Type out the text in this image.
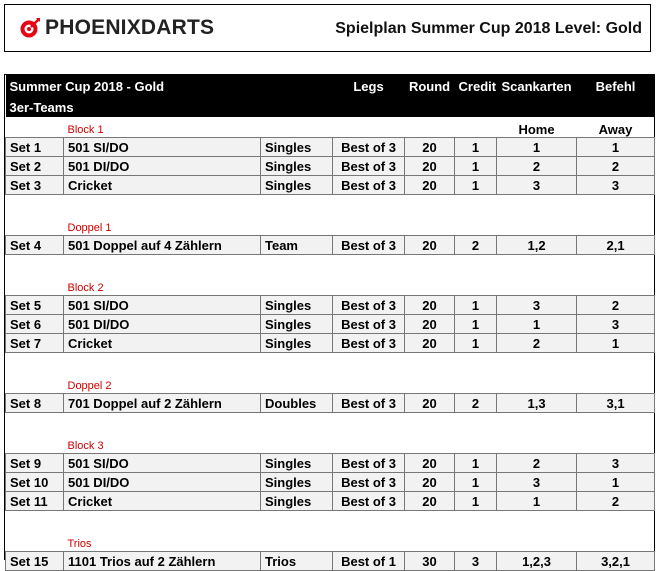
PHOENIXDARTS	Spielplan Summer Cup 2018 Level: Gold
Summer Cup 2018 - Gold			Legs	Round	Credit	Scankarten	Befehl
3er-Teams							
	Block 1					Home	Away
Set 1	501 SI/DO	Singles	Best of 3	20	1	1	1
Set 2	501 DI/DO	Singles	Best of 3	20	1	2	2
Set 3	Cricket	Singles	Best of 3	20	1	3	3

	Doppel 1						
Set 4	501 Doppel auf 4 Zählern	Team	Best of 3	20	2	1,2	2,1

	Block 2						
Set 5	501 SI/DO	Singles	Best of 3	20	1	3	2
Set 6	501 DI/DO	Singles	Best of 3	20	1	1	3
Set 7	Cricket	Singles	Best of 3	20	1	2	1

	Doppel 2						
Set 8	701 Doppel auf 2 Zählern	Doubles	Best of 3	20	2	1,3	3,1

	Block 3						
Set 9	501 SI/DO	Singles	Best of 3	20	1	2	3
Set 10	501 DI/DO	Singles	Best of 3	20	1	3	1
Set 11	Cricket	Singles	Best of 3	20	1	1	2

	Trios						
Set 15	1101 Trios auf 2 Zählern	Trios	Best of 1	30	3	1,2,3	3,2,1
